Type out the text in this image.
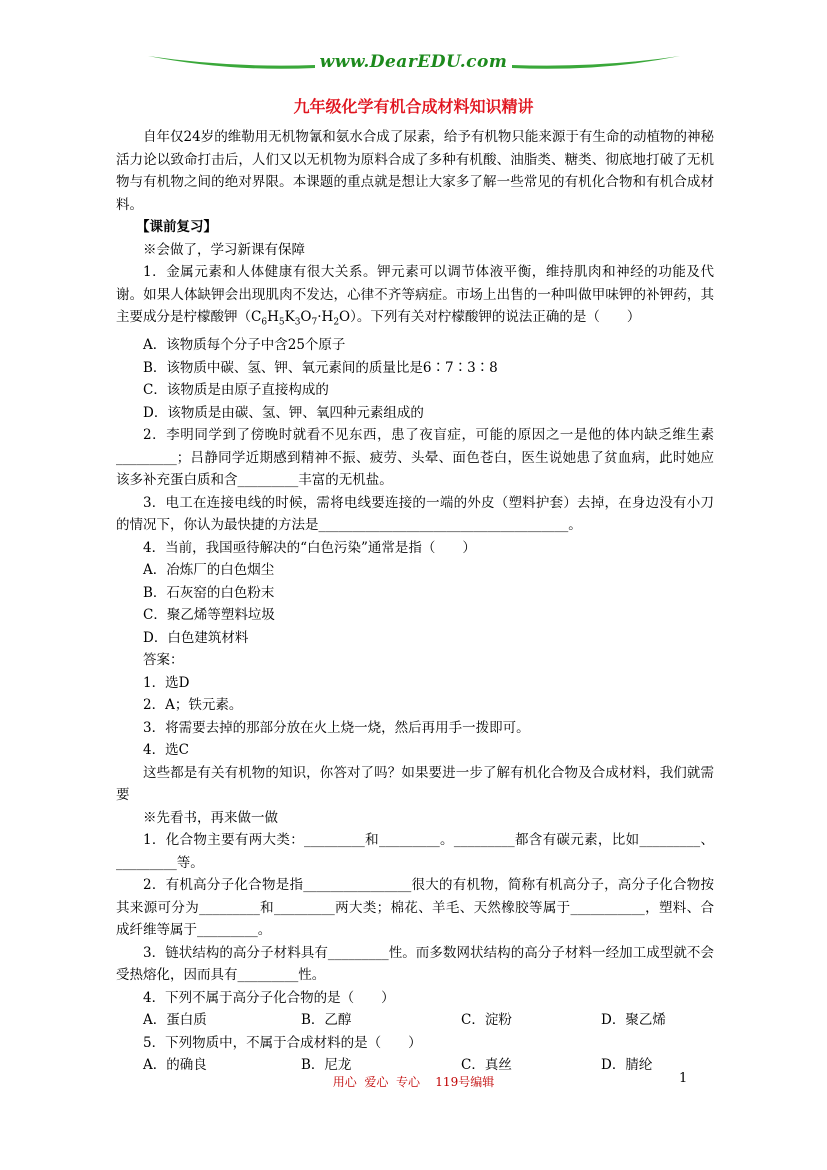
www.DearEDU.com
九年级化学有机合成材料知识精讲

自年仅24岁的维勒用无机物氰和氨水合成了尿素，给予有机物只能来源于有生命的动植物的神秘活力论以致命打击后，人们又以无机物为原料合成了多种有机酸、油脂类、糖类、彻底地打破了无机物与有机物之间的绝对界限。本课题的重点就是想让大家多了解一些常见的有机化合物和有机合成材料。

【课前复习】

※会做了，学习新课有保障

1．金属元素和人体健康有很大关系。钾元素可以调节体液平衡，维持肌肉和神经的功能及代谢。如果人体缺钾会出现肌肉不发达，心律不齐等病症。市场上出售的一种叫做甲味钾的补钾药，其主要成分是柠檬酸钾$(C_6H_5K_3O_7\cdot H_2O)$。下列有关对柠檬酸钾的说法正确的是（　　）

A．该物质每个分子中含25个原子

B．该物质中碳、氢、钾、氧元素间的质量比是6∶7∶3∶8

C．该物质是由原子直接构成的

D．该物质是由碳、氢、钾、氧四种元素组成的

2．李明同学到了傍晚时就看不见东西，患了夜盲症，可能的原因之一是他的体内缺乏维生素_________；吕静同学近期感到精神不振、疲劳、头晕、面色苍白，医生说她患了贫血病，此时她应该多补充蛋白质和含_________丰富的无机盐。

3．电工在连接电线的时候，需将电线要连接的一端的外皮（塑料护套）去掉，在身边没有小刀的情况下，你认为最快捷的方法是_____________________________________。

4．当前，我国亟待解决的“白色污染”通常是指（　　）

A．冶炼厂的白色烟尘

B．石灰窑的白色粉末

C．聚乙烯等塑料垃圾

D．白色建筑材料

答案：

1．选D

2．A；铁元素。

3．将需要去掉的那部分放在火上烧一烧，然后再用手一拨即可。

4．选C

这些都是有关有机物的知识，你答对了吗？如果要进一步了解有机化合物及合成材料，我们就需要

※先看书，再来做一做

1．化合物主要有两大类：_________和_________。_________都含有碳元素，比如_________、_________等。

2．有机高分子化合物是指________________很大的有机物，简称有机高分子，高分子化合物按其来源可分为_________和_________两大类；棉花、羊毛、天然橡胶等属于___________，塑料、合成纤维等属于_________。

3．链状结构的高分子材料具有_________性。而多数网状结构的高分子材料一经加工成型就不会受热熔化，因而具有_________性。

4．下列不属于高分子化合物的是（　　）

A．蛋白质	B．乙醇	C．淀粉	D．聚乙烯

5．下列物质中，不属于合成材料的是（　　）

A．的确良	B．尼龙	C．真丝	D．腈纶
用心  爱心  专心    119号编辑	1
